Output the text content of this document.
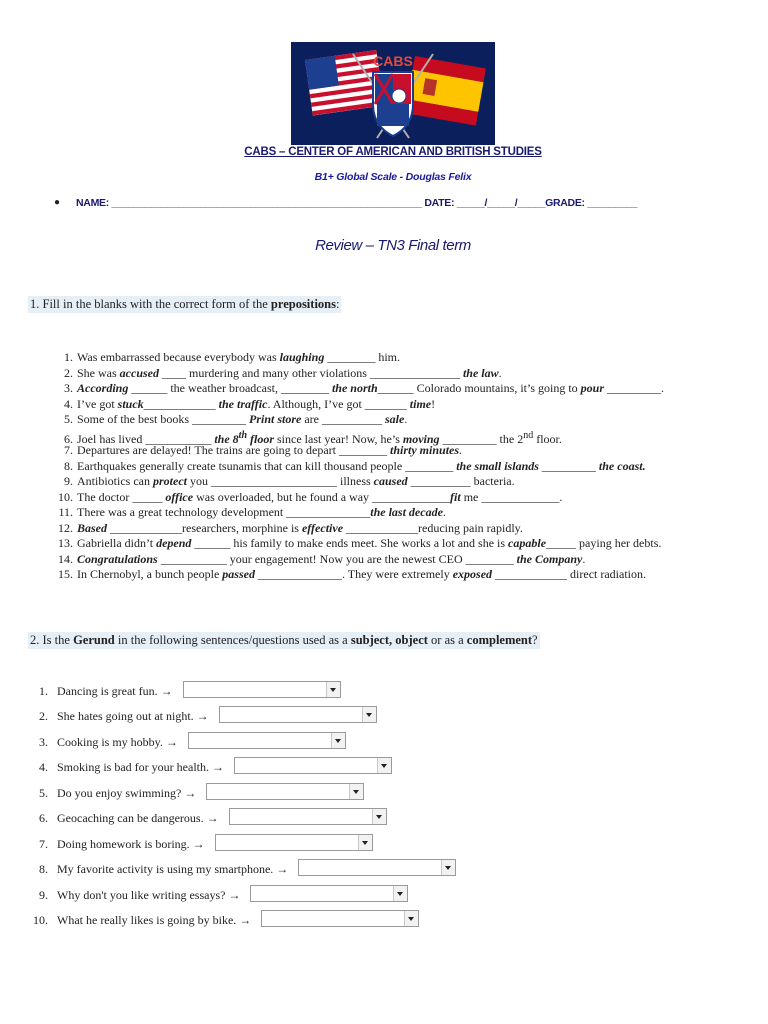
CABS
CABS – CENTER OF AMERICAN AND BRITISH STUDIES
B1+ Global Scale - Douglas Felix
● NAME: ________________________________________________________ DATE: _____/_____/_____GRADE: _________
Review – TN3 Final term
1. Fill in the blanks with the correct form of the prepositions:
1. Was embarrassed because everybody was laughing ________ him.
2. She was accused ____ murdering and many other violations _______________ the law.
3. According ______ the weather broadcast, ________ the north______ Colorado mountains, it’s going to pour _________.
4. I’ve got stuck____________ the traffic. Although, I’ve got _______ time!
5. Some of the best books _________ Print store are __________ sale.
6. Joel has lived ___________ the 8th floor since last year! Now, he’s moving _________ the 2nd floor.
7. Departures are delayed! The trains are going to depart ________ thirty minutes.
8. Earthquakes generally create tsunamis that can kill thousand people ________ the small islands _________ the coast.
9. Antibiotics can protect you _____________________ illness caused __________ bacteria.
10. The doctor _____ office was overloaded, but he found a way _____________fit me _____________.
11. There was a great technology development ______________the last decade.
12. Based ____________researchers, morphine is effective ____________reducing pain rapidly.
13. Gabriella didn’t depend ______ his family to make ends meet. She works a lot and she is capable_____ paying her debts.
14. Congratulations ___________ your engagement! Now you are the newest CEO ________ the Company.
15. In Chernobyl, a bunch people passed ______________. They were extremely exposed ____________ direct radiation.
2. Is the Gerund in the following sentences/questions used as a subject, object or as a complement?
1. Dancing is great fun. →
2. She hates going out at night. →
3. Cooking is my hobby. →
4. Smoking is bad for your health. →
5. Do you enjoy swimming? →
6. Geocaching can be dangerous. →
7. Doing homework is boring. →
8. My favorite activity is using my smartphone. →
9. Why don't you like writing essays? →
10. What he really likes is going by bike. →
